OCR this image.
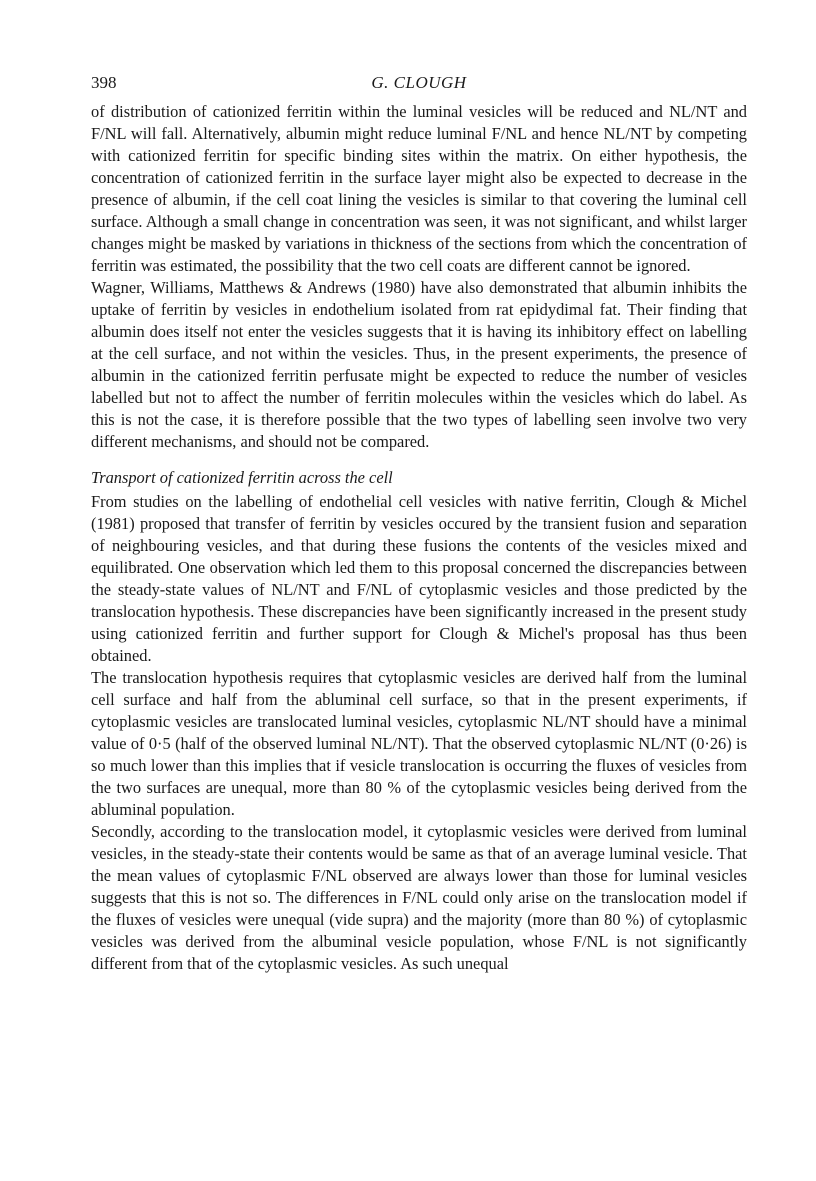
398	G. CLOUGH

of distribution of cationized ferritin within the luminal vesicles will be reduced and NL/NT and F/NL will fall. Alternatively, albumin might reduce luminal F/NL and hence NL/NT by competing with cationized ferritin for specific binding sites within the matrix. On either hypothesis, the concentration of cationized ferritin in the surface layer might also be expected to decrease in the presence of albumin, if the cell coat lining the vesicles is similar to that covering the luminal cell surface. Although a small change in concentration was seen, it was not significant, and whilst larger changes might be masked by variations in thickness of the sections from which the concentration of ferritin was estimated, the possibility that the two cell coats are different cannot be ignored.

Wagner, Williams, Matthews & Andrews (1980) have also demonstrated that albumin inhibits the uptake of ferritin by vesicles in endothelium isolated from rat epidydimal fat. Their finding that albumin does itself not enter the vesicles suggests that it is having its inhibitory effect on labelling at the cell surface, and not within the vesicles. Thus, in the present experiments, the presence of albumin in the cationized ferritin perfusate might be expected to reduce the number of vesicles labelled but not to affect the number of ferritin molecules within the vesicles which do label. As this is not the case, it is therefore possible that the two types of labelling seen involve two very different mechanisms, and should not be compared.

Transport of cationized ferritin across the cell

From studies on the labelling of endothelial cell vesicles with native ferritin, Clough & Michel (1981) proposed that transfer of ferritin by vesicles occured by the transient fusion and separation of neighbouring vesicles, and that during these fusions the contents of the vesicles mixed and equilibrated. One observation which led them to this proposal concerned the discrepancies between the steady-state values of NL/NT and F/NL of cytoplasmic vesicles and those predicted by the translocation hypothesis. These discrepancies have been significantly increased in the present study using cationized ferritin and further support for Clough & Michel's proposal has thus been obtained.

The translocation hypothesis requires that cytoplasmic vesicles are derived half from the luminal cell surface and half from the abluminal cell surface, so that in the present experiments, if cytoplasmic vesicles are translocated luminal vesicles, cytoplasmic NL/NT should have a minimal value of 0·5 (half of the observed luminal NL/NT). That the observed cytoplasmic NL/NT (0·26) is so much lower than this implies that if vesicle translocation is occurring the fluxes of vesicles from the two surfaces are unequal, more than 80 % of the cytoplasmic vesicles being derived from the abluminal population.

Secondly, according to the translocation model, it cytoplasmic vesicles were derived from luminal vesicles, in the steady-state their contents would be same as that of an average luminal vesicle. That the mean values of cytoplasmic F/NL observed are always lower than those for luminal vesicles suggests that this is not so. The differences in F/NL could only arise on the translocation model if the fluxes of vesicles were unequal (vide supra) and the majority (more than 80 %) of cytoplasmic vesicles was derived from the albuminal vesicle population, whose F/NL is not significantly different from that of the cytoplasmic vesicles. As such unequal
